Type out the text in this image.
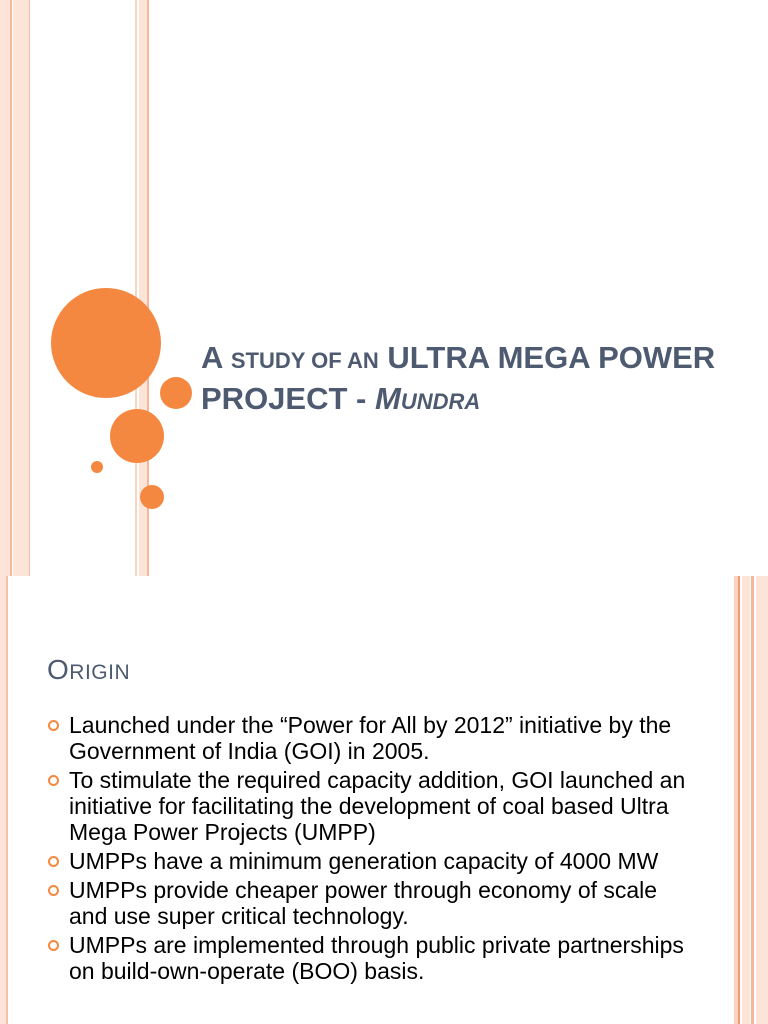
A STUDY OF AN ULTRA MEGA POWER PROJECT - MUNDRA
ORIGIN
Launched under the “Power for All by 2012” initiative by the Government of India (GOI) in 2005.
To stimulate the required capacity addition, GOI launched an initiative for facilitating the development of coal based Ultra Mega Power Projects (UMPP)
UMPPs have a minimum generation capacity of 4000 MW
UMPPs provide cheaper power through economy of scale and use super critical technology.
UMPPs are implemented through public private partnerships on build-own-operate (BOO) basis.
